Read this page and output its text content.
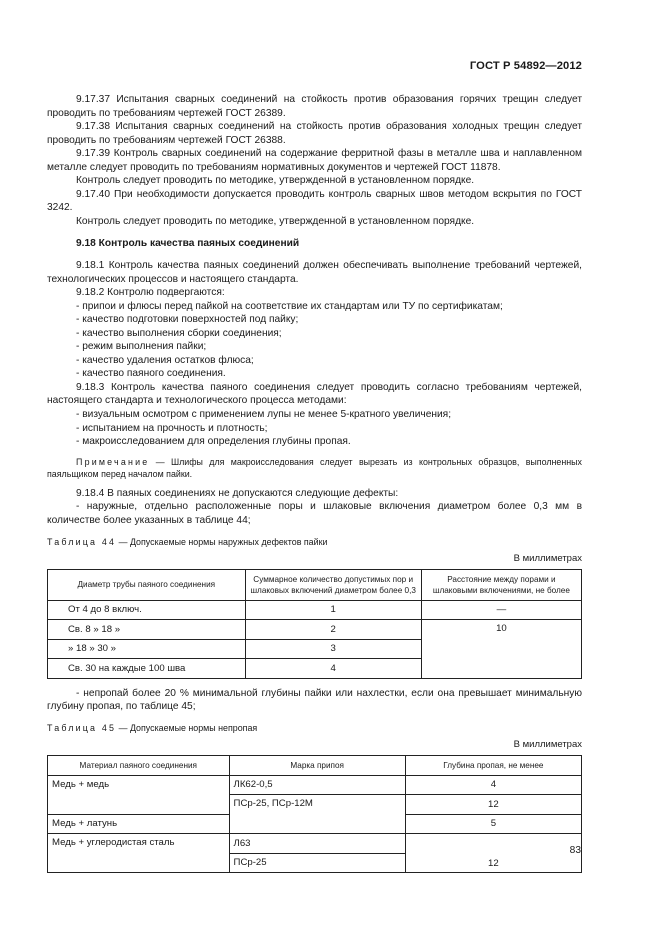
ГОСТ Р 54892—2012

9.17.37 Испытания сварных соединений на стойкость против образования горячих трещин следует проводить по требованиям чертежей ГОСТ 26389.

9.17.38 Испытания сварных соединений на стойкость против образования холодных трещин следует проводить по требованиям чертежей ГОСТ 26388.

9.17.39 Контроль сварных соединений на содержание ферритной фазы в металле шва и наплавленном металле следует проводить по требованиям нормативных документов и чертежей ГОСТ 11878.

Контроль следует проводить по методике, утвержденной в установленном порядке.

9.17.40 При необходимости допускается проводить контроль сварных швов методом вскрытия по ГОСТ 3242.

Контроль следует проводить по методике, утвержденной в установленном порядке.

9.18 Контроль качества паяных соединений

9.18.1 Контроль качества паяных соединений должен обеспечивать выполнение требований чертежей, технологических процессов и настоящего стандарта.

9.18.2 Контролю подвергаются:

- припои и флюсы перед пайкой на соответствие их стандартам или ТУ по сертификатам;

- качество подготовки поверхностей под пайку;

- качество выполнения сборки соединения;

- режим выполнения пайки;

- качество удаления остатков флюса;

- качество паяного соединения.

9.18.3 Контроль качества паяного соединения следует проводить согласно требованиям чертежей, настоящего стандарта и технологического процесса методами:

- визуальным осмотром с применением лупы не менее 5-кратного увеличения;

- испытанием на прочность и плотность;

- макроисследованием для определения глубины пропая.

Примечание — Шлифы для макроисследования следует вырезать из контрольных образцов, выполненных паяльщиком перед началом пайки.

9.18.4 В паяных соединениях не допускаются следующие дефекты:

- наружные, отдельно расположенные поры и шлаковые включения диаметром более 0,3 мм в количестве более указанных в таблице 44;

Таблица 44 — Допускаемые нормы наружных дефектов пайки

В миллиметрах

Диаметр трубы паяного соединения	Суммарное количество допустимых пор и шлаковых включений диаметром более 0,3	Расстояние между порами и шлаковыми включениями, не более
От 4 до 8 включ.	1	—
Св. 8 » 18 »	2	10
» 18 » 30 »	3	
Св. 30 на каждые 100 шва	4	

- непропай более 20 % минимальной глубины пайки или нахлестки, если она превышает минимальную глубину пропая, по таблице 45;

Таблица 45 — Допускаемые нормы непропая

В миллиметрах

Материал паяного соединения	Марка припоя	Глубина пропая, не менее
Медь + медь	ЛК62-0,5	4
	ПСр-25, ПСр-12М	12
Медь + латунь		5
Медь + углеродистая сталь	Л63	12
	ПСр-25	
83
